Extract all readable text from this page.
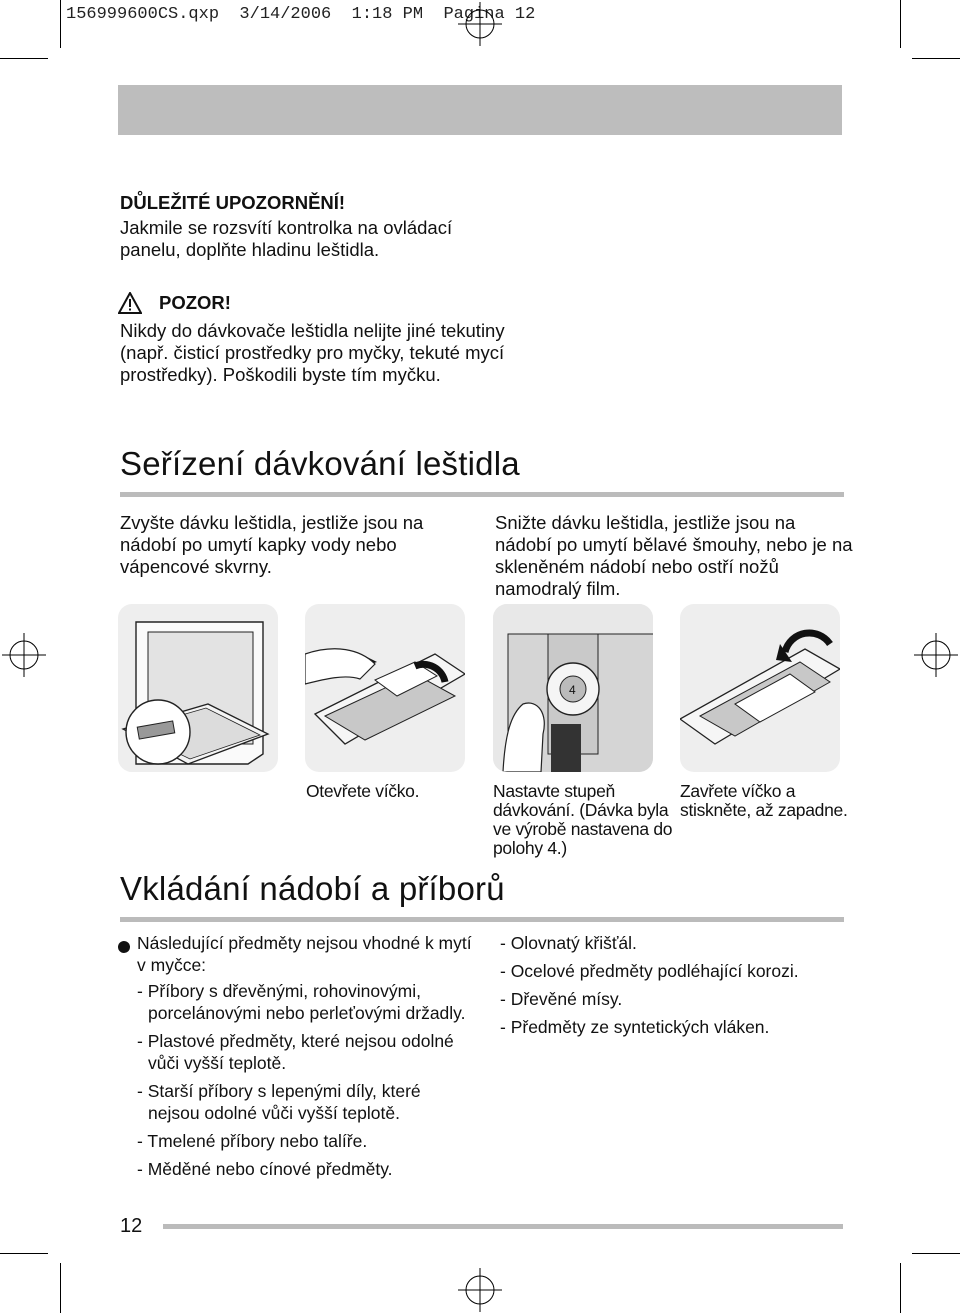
156999600CS.qxp  3/14/2006  1:18 PM  Pagina 12
DŮLEŽITÉ UPOZORNĚNÍ!
Jakmile se rozsvítí kontrolka na ovládací
panelu, doplňte hladinu leštidla.
POZOR!
Nikdy do dávkovače leštidla nelijte jiné tekutiny
(např. čisticí prostředky pro myčky, tekuté mycí
prostředky). Poškodili byste tím myčku.
Seřízení dávkování leštidla
Zvyšte dávku leštidla, jestliže jsou na
nádobí po umytí kapky vody nebo
vápencové skvrny.
Snižte dávku leštidla, jestliže jsou na
nádobí po umytí bělavé šmouhy, nebo je na
skleněném nádobí nebo ostří nožů
namodralý film.
4
Otevřete víčko.	Nastavte stupeň
dávkování. (Dávka byla
ve výrobě nastavena do
polohy 4.)
Zavřete víčko a
stiskněte, až zapadne.
Vkládání nádobí a příborů
Následující předměty nejsou vhodné k mytí
v myčce:
- Příbory s dřevěnými, rohovinovými,
porcelánovými nebo perleťovými držadly.
- Plastové předměty, které nejsou odolné
vůči vyšší teplotě.
- Starší příbory s lepenými díly, které
nejsou odolné vůči vyšší teplotě.
- Tmelené příbory nebo talíře.
- Měděné nebo cínové předměty.
- Olovnatý křišťál.
- Ocelové předměty podléhající korozi.
- Dřevěné mísy.
- Předměty ze syntetických vláken.
12
